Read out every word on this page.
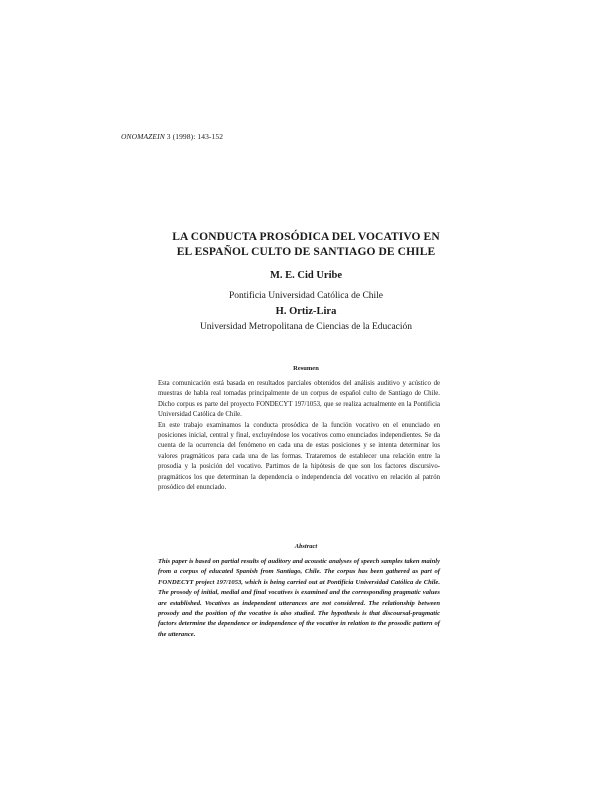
ONOMAZEIN 3 (1998): 143-152
LA CONDUCTA PROSÓDICA DEL VOCATIVO EN
EL ESPAÑOL CULTO DE SANTIAGO DE CHILE
M. E. Cid Uribe
Pontificia Universidad Católica de Chile
H. Ortiz-Lira
Universidad Metropolitana de Ciencias de la Educación
Resumen

Esta comunicación está basada en resultados parciales obtenidos del análisis auditivo y acústico de muestras de habla real tomadas principalmente de un corpus de español culto de Santiago de Chile. Dicho corpus es parte del proyecto FONDECYT 197/1053, que se realiza actualmente en la Pontificia Universidad Católica de Chile.

En este trabajo examinamos la conducta prosódica de la función vocativo en el enunciado en posiciones inicial, central y final, excluyéndose los vocativos como enunciados independientes. Se da cuenta de la ocurrencia del fenómeno en cada una de estas posiciones y se intenta determinar los valores pragmáticos para cada una de las formas. Trataremos de establecer una relación entre la prosodia y la posición del vocativo. Partimos de la hipótesis de que son los factores discursivo-pragmáticos los que determinan la dependencia o independencia del vocativo en relación al patrón prosódico del enunciado.

Abstract

This paper is based on partial results of auditory and acoustic analyses of speech samples taken mainly from a corpus of educated Spanish from Santiago, Chile. The corpus has been gathered as part of FONDECYT project 197/1053, which is being carried out at Pontificia Universidad Católica de Chile. The prosody of initial, medial and final vocatives is examined and the corresponding pragmatic values are established. Vocatives as independent utterances are not considered. The relationship between prosody and the position of the vocative is also studied. The hypothesis is that discoursal-pragmatic factors determine the dependence or independence of the vocative in relation to the prosodic pattern of the utterance.
